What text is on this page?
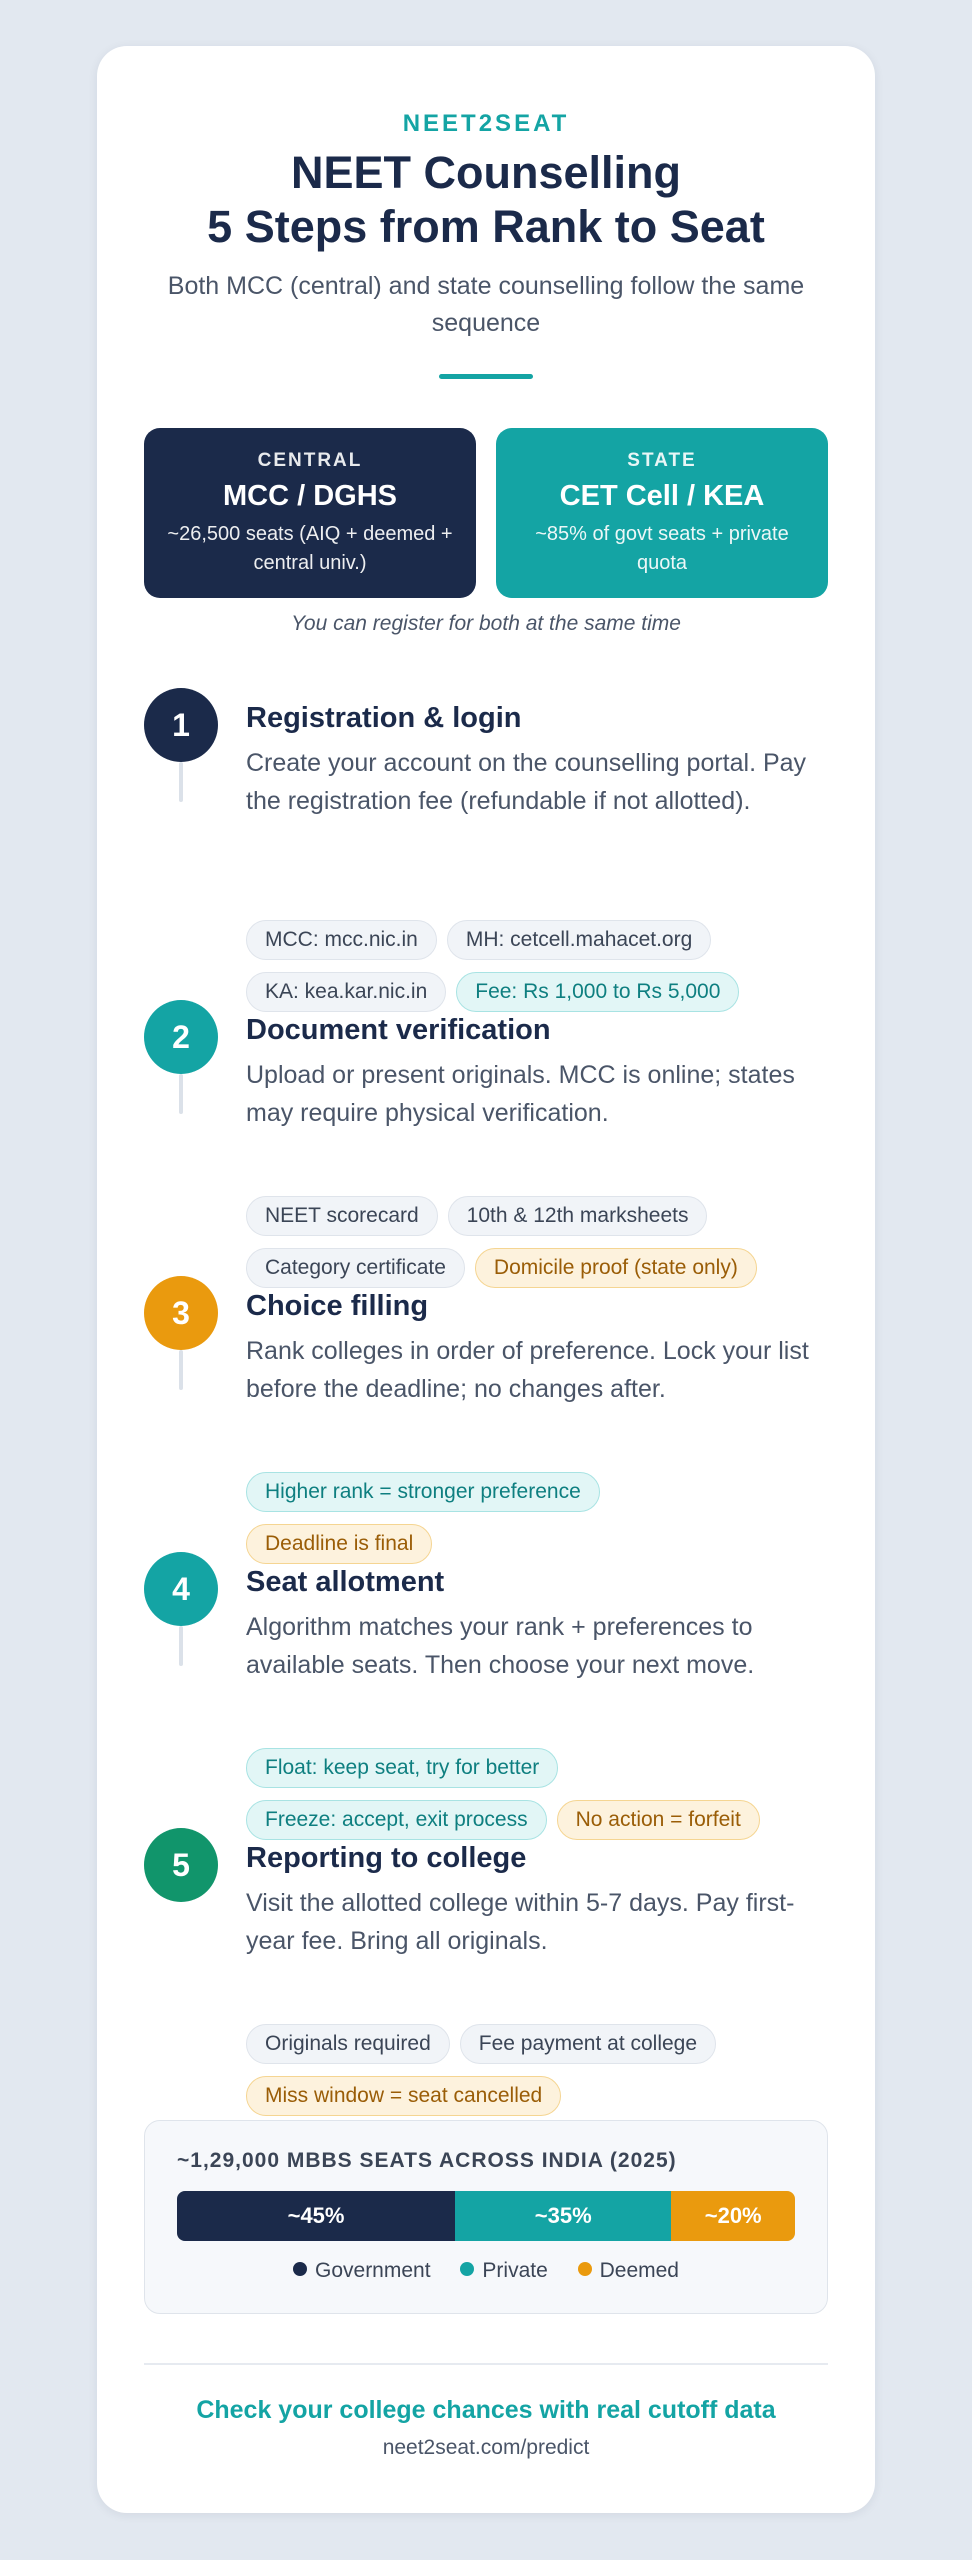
NEET2SEAT
NEET Counselling
5 Steps from Rank to Seat
Both MCC (central) and state counselling follow the same sequence
CENTRAL
MCC / DGHS
~26,500 seats (AIQ + deemed + central univ.)
STATE
CET Cell / KEA
~85% of govt seats + private quota
You can register for both at the same time
1	Registration & login
Create your account on the counselling portal. Pay the registration fee (refundable if not allotted).
MCC: mcc.nic.in MH: cetcell.mahacet.org
KA: kea.kar.nic.in Fee: Rs 1,000 to Rs 5,000
2	Document verification
Upload or present originals. MCC is online; states may require physical verification.
NEET scorecard 10th & 12th marksheets
Category certificate Domicile proof (state only)
3	Choice filling
Rank colleges in order of preference. Lock your list before the deadline; no changes after.
Higher rank = stronger preference
Deadline is final
4	Seat allotment
Algorithm matches your rank + preferences to available seats. Then choose your next move.
Float: keep seat, try for better
Freeze: accept, exit process No action = forfeit
5	Reporting to college
Visit the allotted college within 5-7 days. Pay first-year fee. Bring all originals.
Originals required Fee payment at college
Miss window = seat cancelled
~1,29,000 MBBS SEATS ACROSS INDIA (2025)
~45%	~35%	~20%
Government Private Deemed
Check your college chances with real cutoff data
neet2seat.com/predict
